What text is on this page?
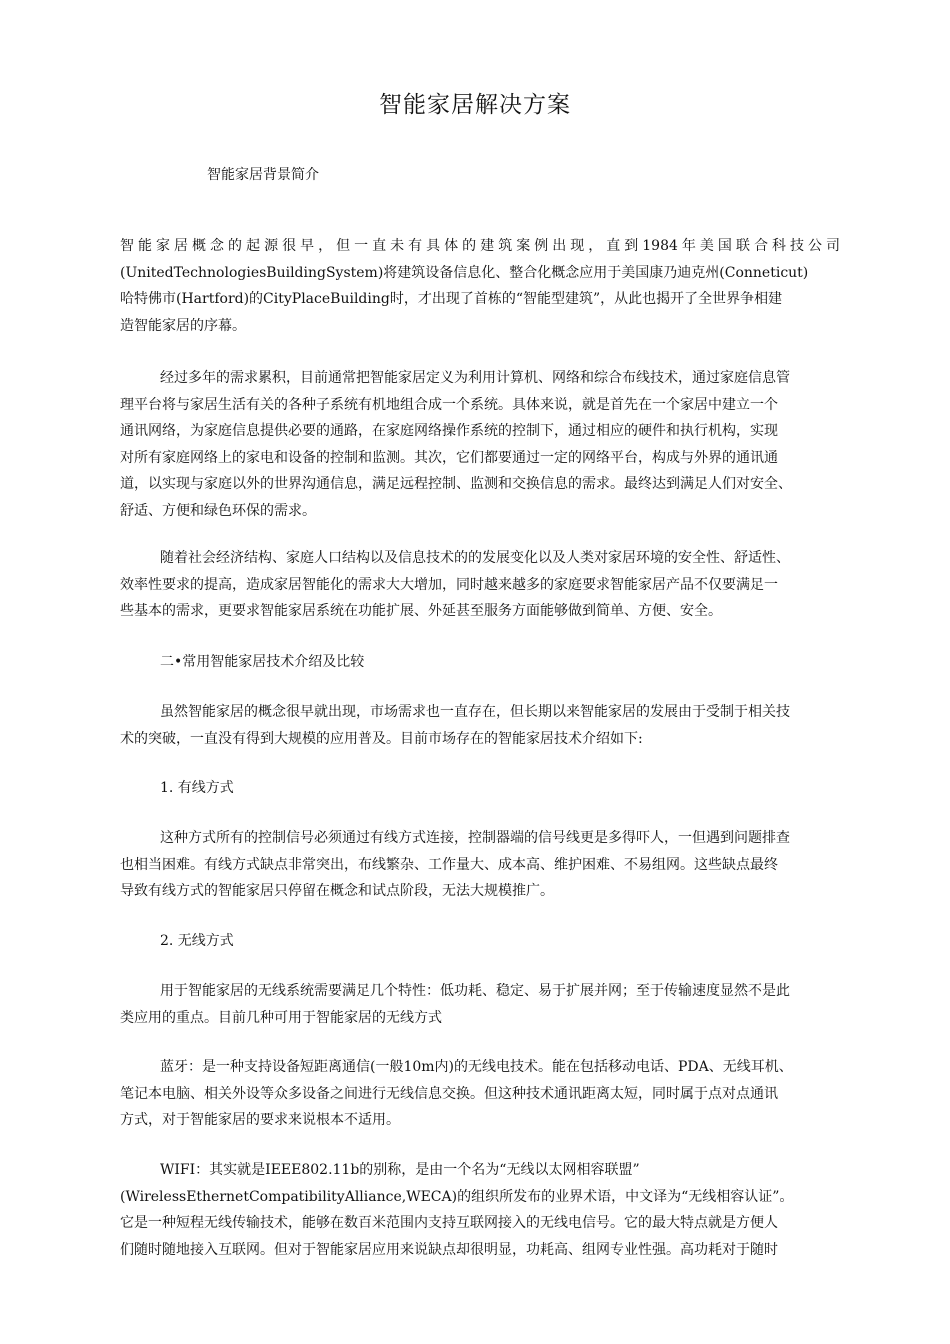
智能家居解决方案
智能家居背景简介
智能家居概念的起源很早，但一直未有具体的建筑案例出现，直到1984年美国联合科技公司
(UnitedTechnologiesBuildingSystem)将建筑设备信息化、整合化概念应用于美国康乃迪克州(Conneticut)
哈特佛市(Hartford)的CityPlaceBuilding时，才出现了首栋的“智能型建筑”，从此也揭开了全世界争相建
造智能家居的序幕。
经过多年的需求累积，目前通常把智能家居定义为利用计算机、网络和综合布线技术，通过家庭信息管
理平台将与家居生活有关的各种子系统有机地组合成一个系统。具体来说，就是首先在一个家居中建立一个
通讯网络，为家庭信息提供必要的通路，在家庭网络操作系统的控制下，通过相应的硬件和执行机构，实现
对所有家庭网络上的家电和设备的控制和监测。其次，它们都要通过一定的网络平台，构成与外界的通讯通
道，以实现与家庭以外的世界沟通信息，满足远程控制、监测和交换信息的需求。最终达到满足人们对安全、
舒适、方便和绿色环保的需求。
随着社会经济结构、家庭人口结构以及信息技术的的发展变化以及人类对家居环境的安全性、舒适性、
效率性要求的提高，造成家居智能化的需求大大增加，同时越来越多的家庭要求智能家居产品不仅要满足一
些基本的需求，更要求智能家居系统在功能扩展、外延甚至服务方面能够做到简单、方便、安全。
二•常用智能家居技术介绍及比较
虽然智能家居的概念很早就出现，市场需求也一直存在，但长期以来智能家居的发展由于受制于相关技
术的突破，一直没有得到大规模的应用普及。目前市场存在的智能家居技术介绍如下:
1. 有线方式
这种方式所有的控制信号必须通过有线方式连接，控制器端的信号线更是多得吓人，一但遇到问题排查
也相当困难。有线方式缺点非常突出，布线繁杂、工作量大、成本高、维护困难、不易组网。这些缺点最终
导致有线方式的智能家居只停留在概念和试点阶段，无法大规模推广。
2. 无线方式
用于智能家居的无线系统需要满足几个特性：低功耗、稳定、易于扩展并网；至于传输速度显然不是此
类应用的重点。目前几种可用于智能家居的无线方式
蓝牙：是一种支持设备短距离通信(一般10m内)的无线电技术。能在包括移动电话、PDA、无线耳机、
笔记本电脑、相关外设等众多设备之间进行无线信息交换。但这种技术通讯距离太短，同时属于点对点通讯
方式，对于智能家居的要求来说根本不适用。
WIFI：其实就是IEEE802.11b的别称，是由一个名为“无线以太网相容联盟”
(WirelessEthernetCompatibilityAlliance,WECA)的组织所发布的业界术语，中文译为“无线相容认证”。
它是一种短程无线传输技术，能够在数百米范围内支持互联网接入的无线电信号。它的最大特点就是方便人
们随时随地接入互联网。但对于智能家居应用来说缺点却很明显，功耗高、组网专业性强。高功耗对于随时
